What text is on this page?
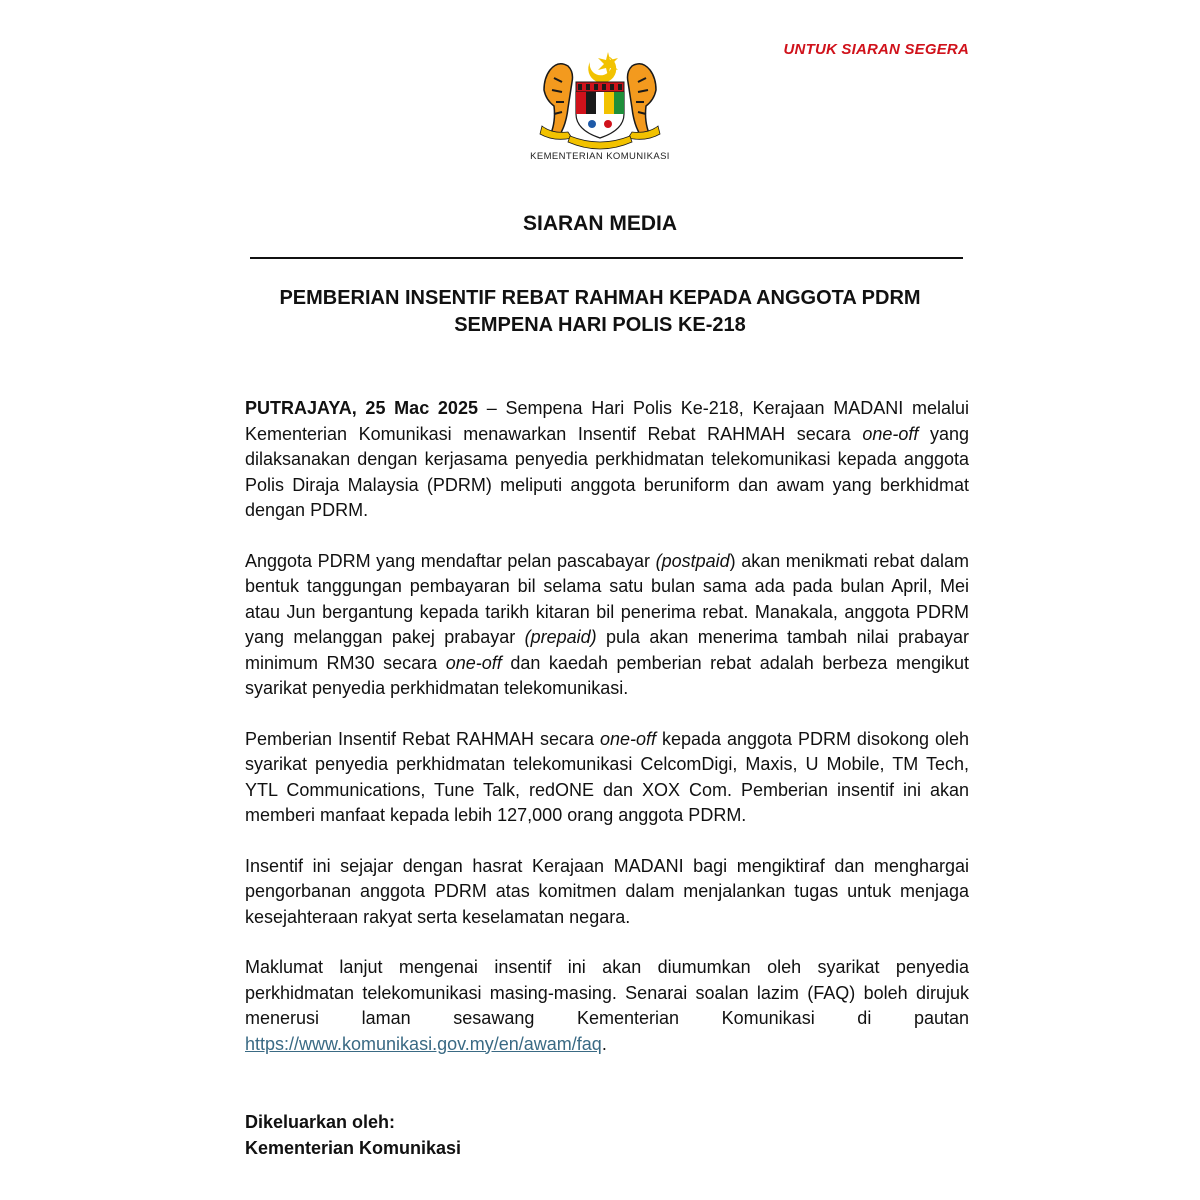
UNTUK SIARAN SEGERA
KEMENTERIAN KOMUNIKASI
SIARAN MEDIA
PEMBERIAN INSENTIF REBAT RAHMAH KEPADA ANGGOTA PDRM
SEMPENA HARI POLIS KE-218

PUTRAJAYA, 25 Mac 2025 – Sempena Hari Polis Ke-218, Kerajaan MADANI melalui Kementerian Komunikasi menawarkan Insentif Rebat RAHMAH secara one-off yang dilaksanakan dengan kerjasama penyedia perkhidmatan telekomunikasi kepada anggota Polis Diraja Malaysia (PDRM) meliputi anggota beruniform dan awam yang berkhidmat dengan PDRM.

Anggota PDRM yang mendaftar pelan pascabayar (postpaid) akan menikmati rebat dalam bentuk tanggungan pembayaran bil selama satu bulan sama ada pada bulan April, Mei atau Jun bergantung kepada tarikh kitaran bil penerima rebat. Manakala, anggota PDRM yang melanggan pakej prabayar (prepaid) pula akan menerima tambah nilai prabayar minimum RM30 secara one-off dan kaedah pemberian rebat adalah berbeza mengikut syarikat penyedia perkhidmatan telekomunikasi.

Pemberian Insentif Rebat RAHMAH secara one-off kepada anggota PDRM disokong oleh syarikat penyedia perkhidmatan telekomunikasi CelcomDigi, Maxis, U Mobile, TM Tech, YTL Communications, Tune Talk, redONE dan XOX Com. Pemberian insentif ini akan memberi manfaat kepada lebih 127,000 orang anggota PDRM.

Insentif ini sejajar dengan hasrat Kerajaan MADANI bagi mengiktiraf dan menghargai pengorbanan anggota PDRM atas komitmen dalam menjalankan tugas untuk menjaga kesejahteraan rakyat serta keselamatan negara.

Maklumat lanjut mengenai insentif ini akan diumumkan oleh syarikat penyedia perkhidmatan telekomunikasi masing-masing. Senarai soalan lazim (FAQ) boleh dirujuk menerusi laman sesawang Kementerian Komunikasi di pautan https://www.komunikasi.gov.my/en/awam/faq.

Dikeluarkan oleh:
Kementerian Komunikasi
